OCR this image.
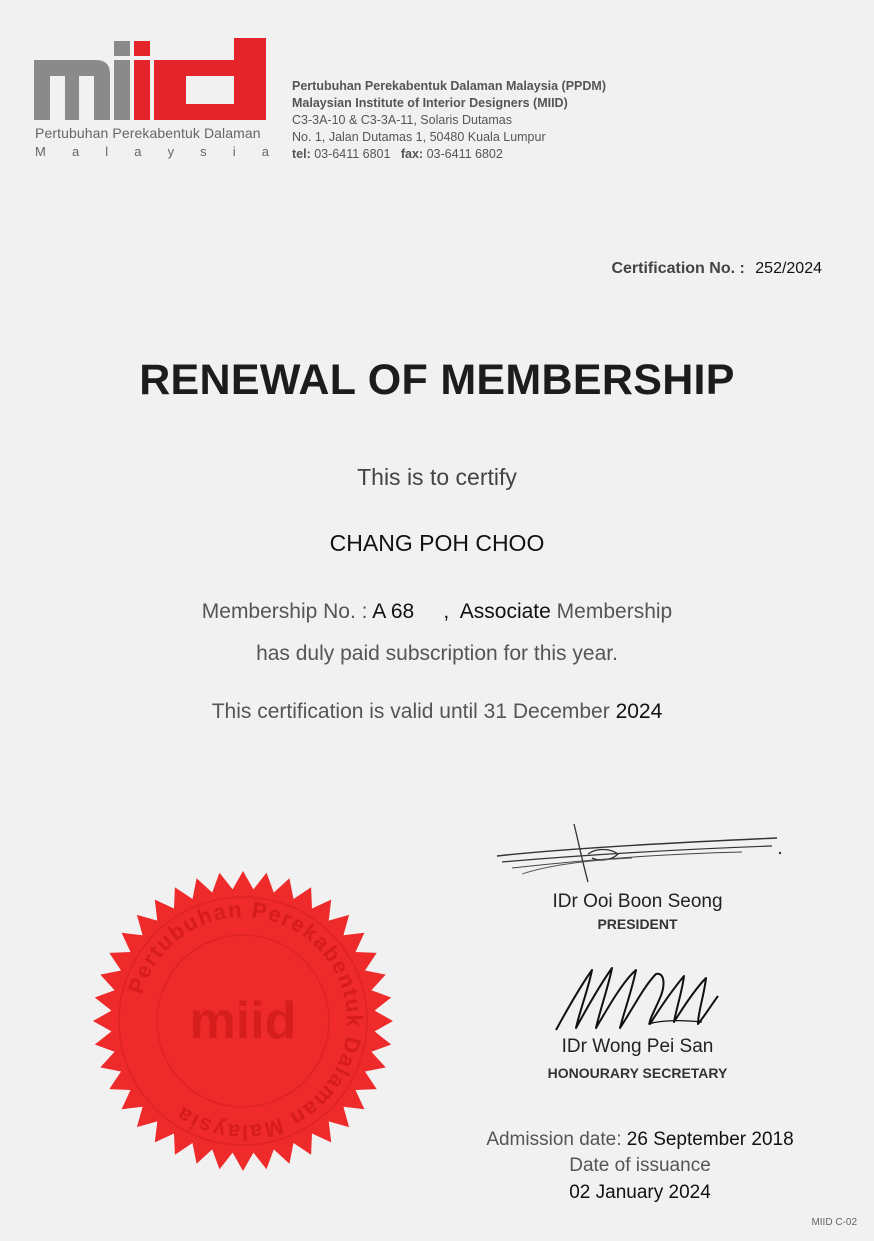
Pertubuhan Perekabentuk Dalaman
M a l a y s i a
Pertubuhan Perekabentuk Dalaman Malaysia (PPDM)
Malaysian Institute of Interior Designers (MIID)
C3-3A-10 & C3-3A-11, Solaris Dutamas
No. 1, Jalan Dutamas 1, 50480 Kuala Lumpur
tel: 03-6411 6801 fax: 03-6411 6802
Certification No. : 252/2024
RENEWAL OF MEMBERSHIP
This is to certify
CHANG POH CHOO
Membership No. : A 68 , Associate Membership
has duly paid subscription for this year.
This certification is valid until 31 December 2024
IDr Ooi Boon Seong
PRESIDENT
IDr Wong Pei San
HONOURARY SECRETARY
Pertubuhan Perekabentuk Dalaman Malaysia
miid
Admission date: 26 September 2018
Date of issuance
02 January 2024
MIID C-02
